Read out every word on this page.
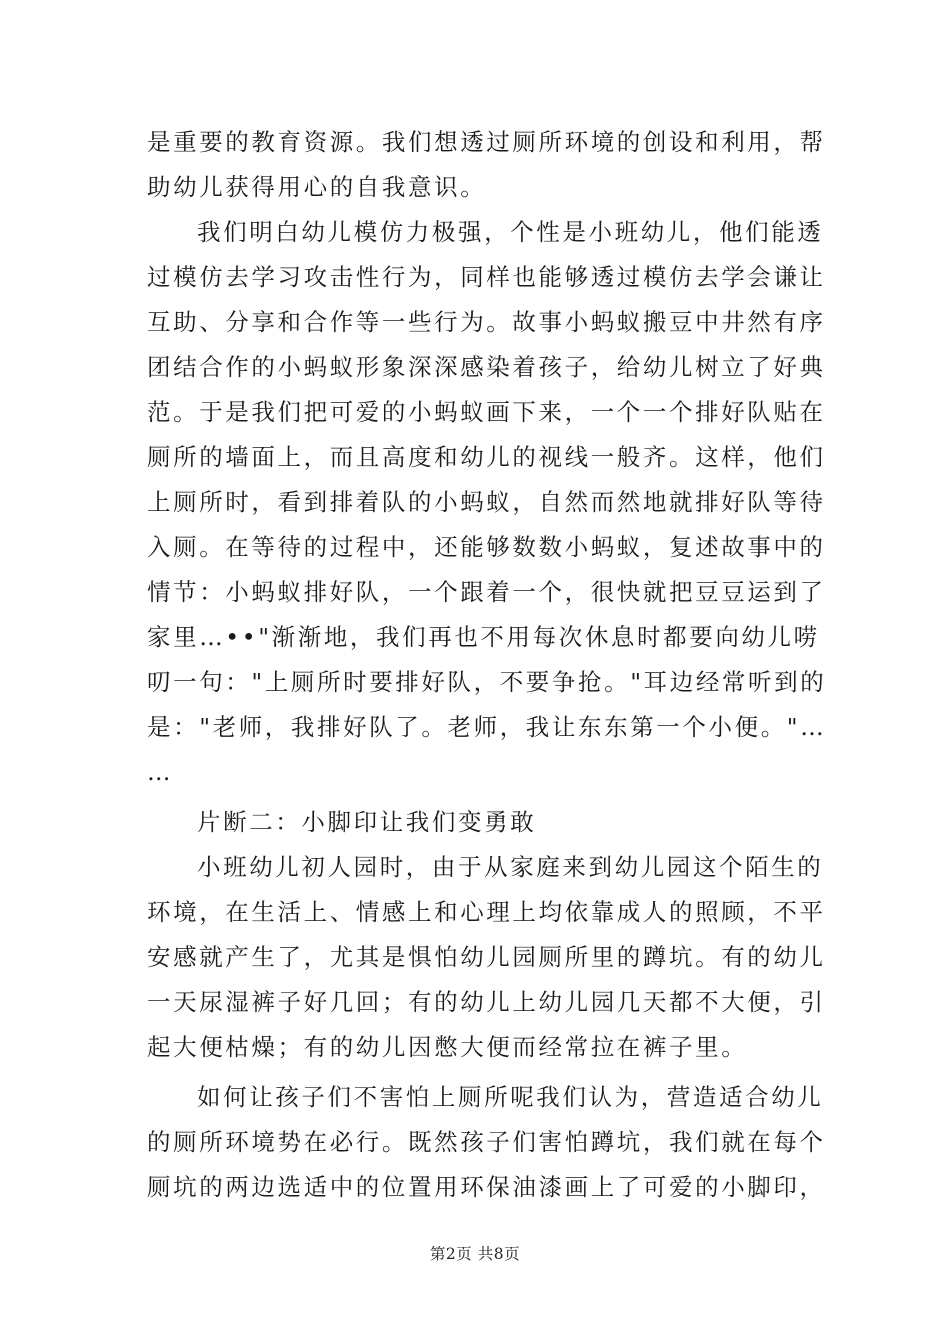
是重要的教育资源。我们想透过厕所环境的创设和利用，帮
助幼儿获得用心的自我意识。
我们明白幼儿模仿力极强，个性是小班幼儿，他们能透
过模仿去学习攻击性行为，同样也能够透过模仿去学会谦让
互助、分享和合作等一些行为。故事小蚂蚁搬豆中井然有序
团结合作的小蚂蚁形象深深感染着孩子，给幼儿树立了好典
范。于是我们把可爱的小蚂蚁画下来，一个一个排好队贴在
厕所的墙面上，而且高度和幼儿的视线一般齐。这样，他们
上厕所时，看到排着队的小蚂蚁，自然而然地就排好队等待
入厕。在等待的过程中，还能够数数小蚂蚁，复述故事中的
情节：小蚂蚁排好队，一个跟着一个，很快就把豆豆运到了
家里…••"渐渐地，我们再也不用每次休息时都要向幼儿唠
叨一句："上厕所时要排好队，不要争抢。"耳边经常听到的
是："老师，我排好队了。老师，我让东东第一个小便。"…
…
片断二：小脚印让我们变勇敢
小班幼儿初人园时，由于从家庭来到幼儿园这个陌生的
环境，在生活上、情感上和心理上均依靠成人的照顾，不平
安感就产生了，尤其是惧怕幼儿园厕所里的蹲坑。有的幼儿
一天尿湿裤子好几回；有的幼儿上幼儿园几天都不大便，引
起大便枯燥；有的幼儿因憋大便而经常拉在裤子里。
如何让孩子们不害怕上厕所呢我们认为，营造适合幼儿
的厕所环境势在必行。既然孩子们害怕蹲坑，我们就在每个
厕坑的两边选适中的位置用环保油漆画上了可爱的小脚印，
第2页 共8页
